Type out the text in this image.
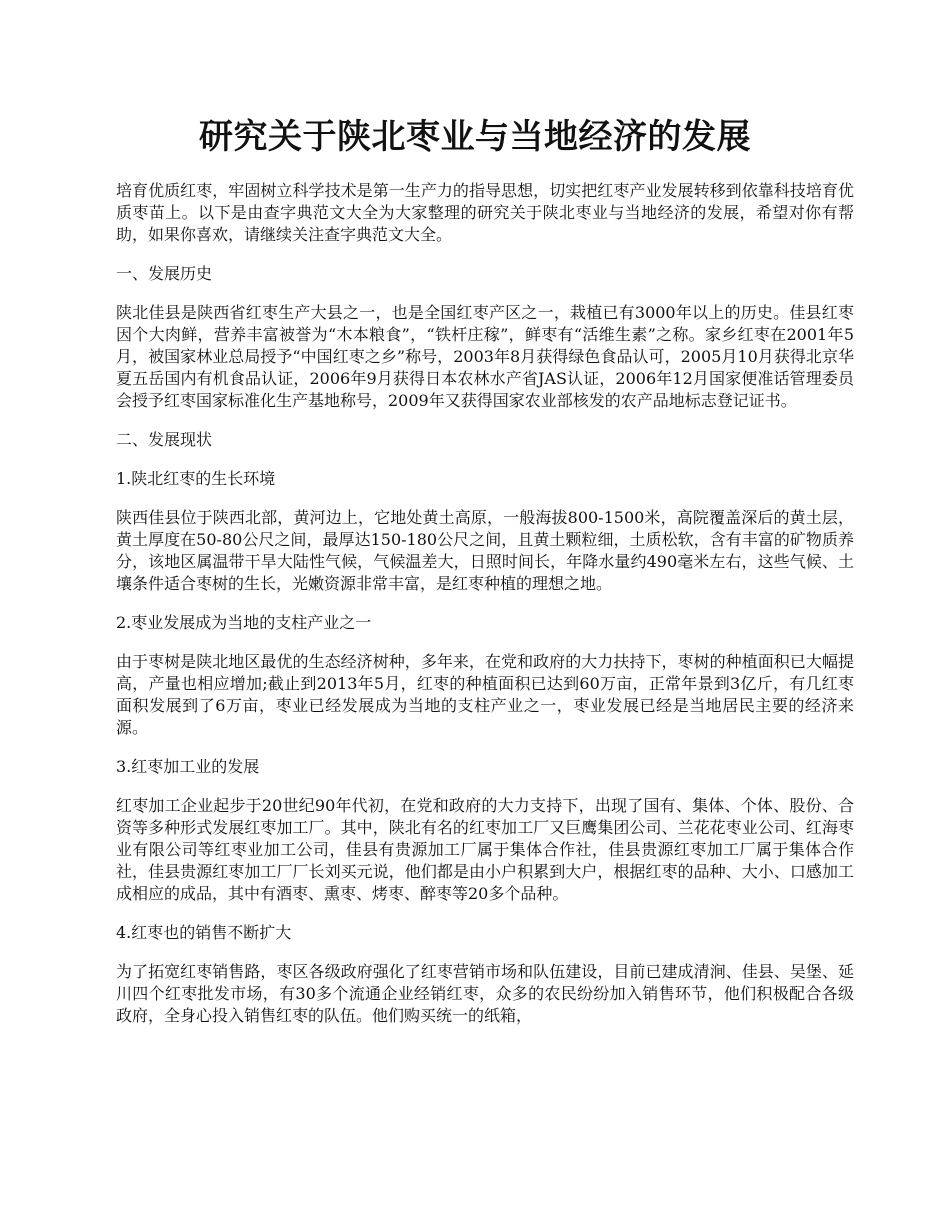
研究关于陕北枣业与当地经济的发展

培育优质红枣，牢固树立科学技术是第一生产力的指导思想，切实把红枣产业发展转移到依靠科技培育优质枣苗上。以下是由查字典范文大全为大家整理的研究关于陕北枣业与当地经济的发展，希望对你有帮助，如果你喜欢，请继续关注查字典范文大全。

一、发展历史

陕北佳县是陕西省红枣生产大县之一，也是全国红枣产区之一，栽植已有3000年以上的历史。佳县红枣因个大肉鲜，营养丰富被誉为“木本粮食”，“铁杆庄稼”，鲜枣有“活维生素”之称。家乡红枣在2001年5月，被国家林业总局授予“中国红枣之乡”称号，2003年8月获得绿色食品认可，2005月10月获得北京华夏五岳国内有机食品认证，2006年9月获得日本农林水产省JAS认证，2006年12月国家便准话管理委员会授予红枣国家标准化生产基地称号，2009年又获得国家农业部核发的农产品地标志登记证书。

二、发展现状

1.陕北红枣的生长环境

陕西佳县位于陕西北部，黄河边上，它地处黄土高原，一般海拔800-1500米，高院覆盖深后的黄土层，黄土厚度在50-80公尺之间，最厚达150-180公尺之间，且黄土颗粒细，土质松软，含有丰富的矿物质养分，该地区属温带干旱大陆性气候，气候温差大，日照时间长，年降水量约490毫米左右，这些气候、土壤条件适合枣树的生长，光嫩资源非常丰富，是红枣种植的理想之地。

2.枣业发展成为当地的支柱产业之一

由于枣树是陕北地区最优的生态经济树种，多年来，在党和政府的大力扶持下，枣树的种植面积已大幅提高，产量也相应增加;截止到2013年5月，红枣的种植面积已达到60万亩，正常年景到3亿斤，有几红枣面积发展到了6万亩，枣业已经发展成为当地的支柱产业之一，枣业发展已经是当地居民主要的经济来源。

3.红枣加工业的发展

红枣加工企业起步于20世纪90年代初，在党和政府的大力支持下，出现了国有、集体、个体、股份、合资等多种形式发展红枣加工厂。其中，陕北有名的红枣加工厂又巨鹰集团公司、兰花花枣业公司、红海枣业有限公司等红枣业加工公司，佳县有贵源加工厂属于集体合作社，佳县贵源红枣加工厂属于集体合作社，佳县贵源红枣加工厂厂长刘买元说，他们都是由小户积累到大户，根据红枣的品种、大小、口感加工成相应的成品，其中有酒枣、熏枣、烤枣、醉枣等20多个品种。

4.红枣也的销售不断扩大

为了拓宽红枣销售路，枣区各级政府强化了红枣营销市场和队伍建设，目前已建成清涧、佳县、吴堡、延川四个红枣批发市场，有30多个流通企业经销红枣，众多的农民纷纷加入销售环节，他们积极配合各级政府，全身心投入销售红枣的队伍。他们购买统一的纸箱，
